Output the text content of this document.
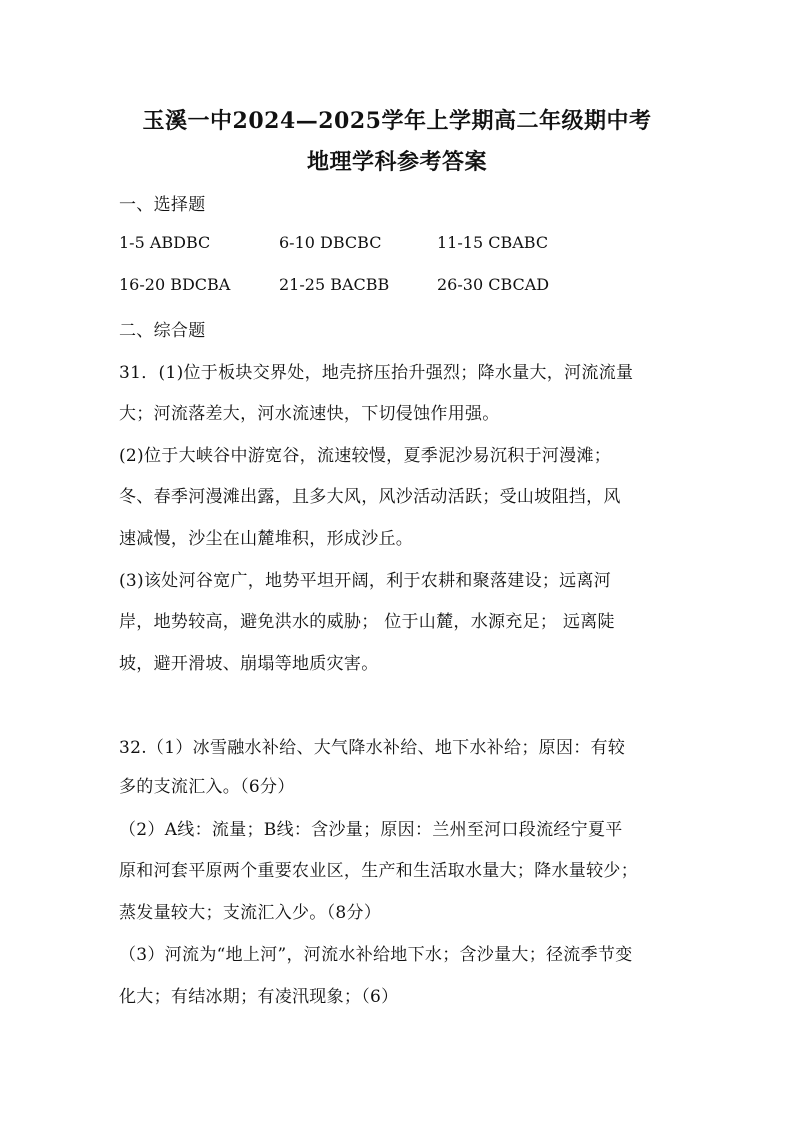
玉溪一中2024—2025学年上学期高二年级期中考
地理学科参考答案
一、选择题
1-5 ABDBC	6-10 DBCBC	11-15 CBABC
16-20 BDCBA	21-25 BACBB	26-30 CBCAD
二、综合题
31．(1)位于板块交界处，地壳挤压抬升强烈；降水量大，河流流量
大；河流落差大，河水流速快，下切侵蚀作用强。
(2)位于大峡谷中游宽谷，流速较慢，夏季泥沙易沉积于河漫滩；
冬、春季河漫滩出露，且多大风，风沙活动活跃；受山坡阻挡，风
速减慢，沙尘在山麓堆积，形成沙丘。
(3)该处河谷宽广，地势平坦开阔，利于农耕和聚落建设；远离河
岸，地势较高，避免洪水的威胁； 位于山麓，水源充足； 远离陡
坡，避开滑坡、崩塌等地质灾害。
32.（1）冰雪融水补给、大气降水补给、地下水补给；原因：有较
多的支流汇入。（6分）
（2）A线：流量；B线：含沙量；原因：兰州至河口段流经宁夏平
原和河套平原两个重要农业区，生产和生活取水量大；降水量较少；
蒸发量较大；支流汇入少。（8分）
（3）河流为“地上河”，河流水补给地下水；含沙量大；径流季节变
化大；有结冰期；有凌汛现象；（6）
